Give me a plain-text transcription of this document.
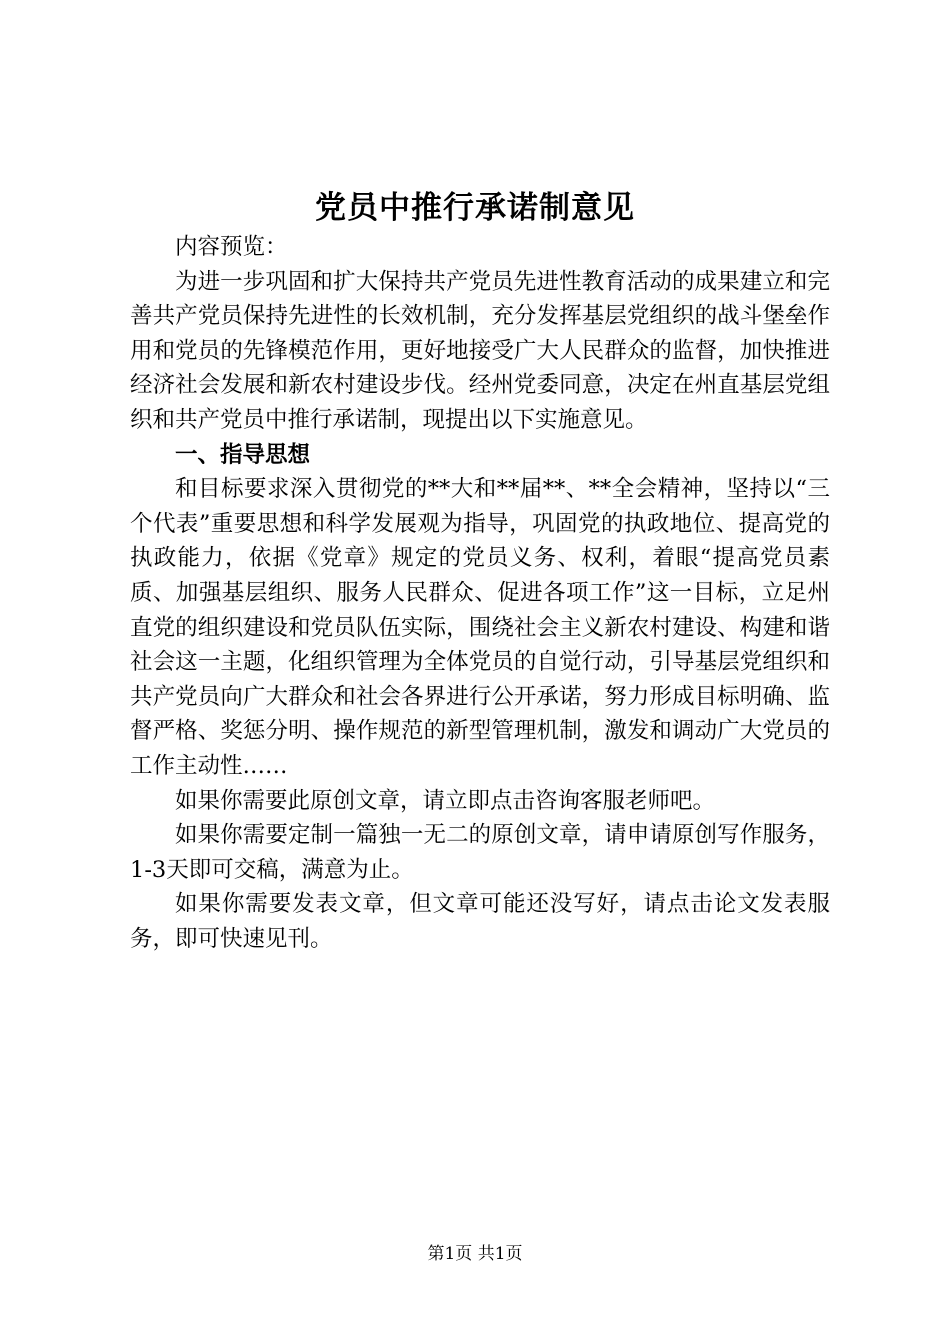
党员中推行承诺制意见

内容预览：

为进一步巩固和扩大保持共产党员先进性教育活动的成果建立和完善共产党员保持先进性的长效机制，充分发挥基层党组织的战斗堡垒作用和党员的先锋模范作用，更好地接受广大人民群众的监督，加快推进经济社会发展和新农村建设步伐。经州党委同意，决定在州直基层党组织和共产党员中推行承诺制，现提出以下实施意见。

一、指导思想

和目标要求深入贯彻党的**大和**届**、**全会精神，坚持以“三个代表”重要思想和科学发展观为指导，巩固党的执政地位、提高党的执政能力，依据《党章》规定的党员义务、权利，着眼“提高党员素质、加强基层组织、服务人民群众、促进各项工作”这一目标，立足州直党的组织建设和党员队伍实际，围绕社会主义新农村建设、构建和谐社会这一主题，化组织管理为全体党员的自觉行动，引导基层党组织和共产党员向广大群众和社会各界进行公开承诺，努力形成目标明确、监督严格、奖惩分明、操作规范的新型管理机制，激发和调动广大党员的工作主动性……

如果你需要此原创文章，请立即点击咨询客服老师吧。

如果你需要定制一篇独一无二的原创文章，请申请原创写作服务，1-3天即可交稿，满意为止。

如果你需要发表文章，但文章可能还没写好，请点击论文发表服务，即可快速见刊。

第1页 共1页
